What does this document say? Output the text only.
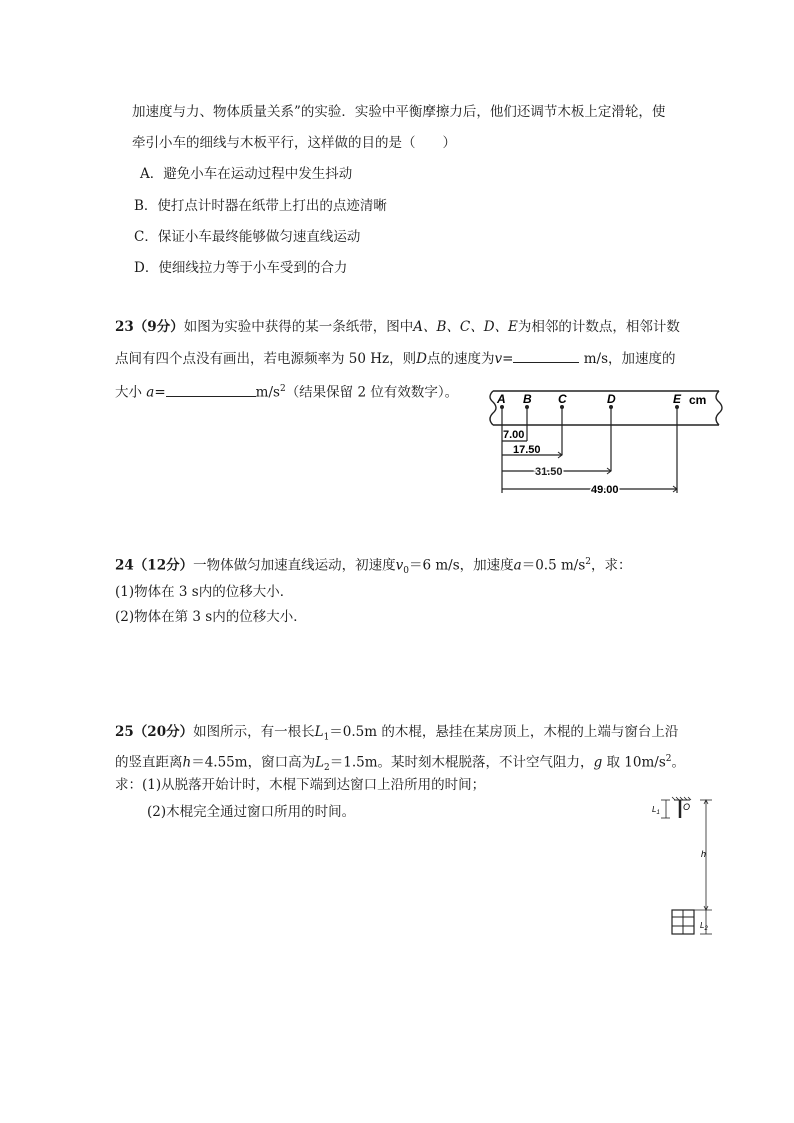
加速度与力、物体质量关系”的实验．实验中平衡摩擦力后，他们还调节木板上定滑轮，使
牵引小车的细线与木板平行，这样做的目的是（　　）
A．避免小车在运动过程中发生抖动
B．使打点计时器在纸带上打出的点迹清晰
C．保证小车最终能够做匀速直线运动
D．使细线拉力等于小车受到的合力
23（9分）如图为实验中获得的某一条纸带，图中A、B、C、D、E为相邻的计数点，相邻计数
点间有四个点没有画出，若电源频率为 50 Hz，则D点的速度为v=	m/s，加速度的
大小 a=	$m/s^2$（结果保留 2 位有效数字）。	A B C	D	E cm
7.00
17.50
31.50
49.00
24（12分）一物体做匀加速直线运动，初速度$v_0=6$ m/s，加速度a＝0.5 $m/s^2$，求：
(1)物体在 3 s内的位移大小．
(2)物体在第 3 s内的位移大小．
25（20分）如图所示，有一根长$L_1=0.5m$ 的木棍，悬挂在某房顶上，木棍的上端与窗台上沿
的竖直距离h＝4.55m，窗口高为$L_2=1.5m$。某时刻木棍脱落，不计空气阻力，g 取 $10m/s^2$。
求：(1)从脱落开始计时，木棍下端到达窗口上沿所用的时间；
(2)木棍完全通过窗口所用的时间。	$L_1$
O
h
$L_2$
